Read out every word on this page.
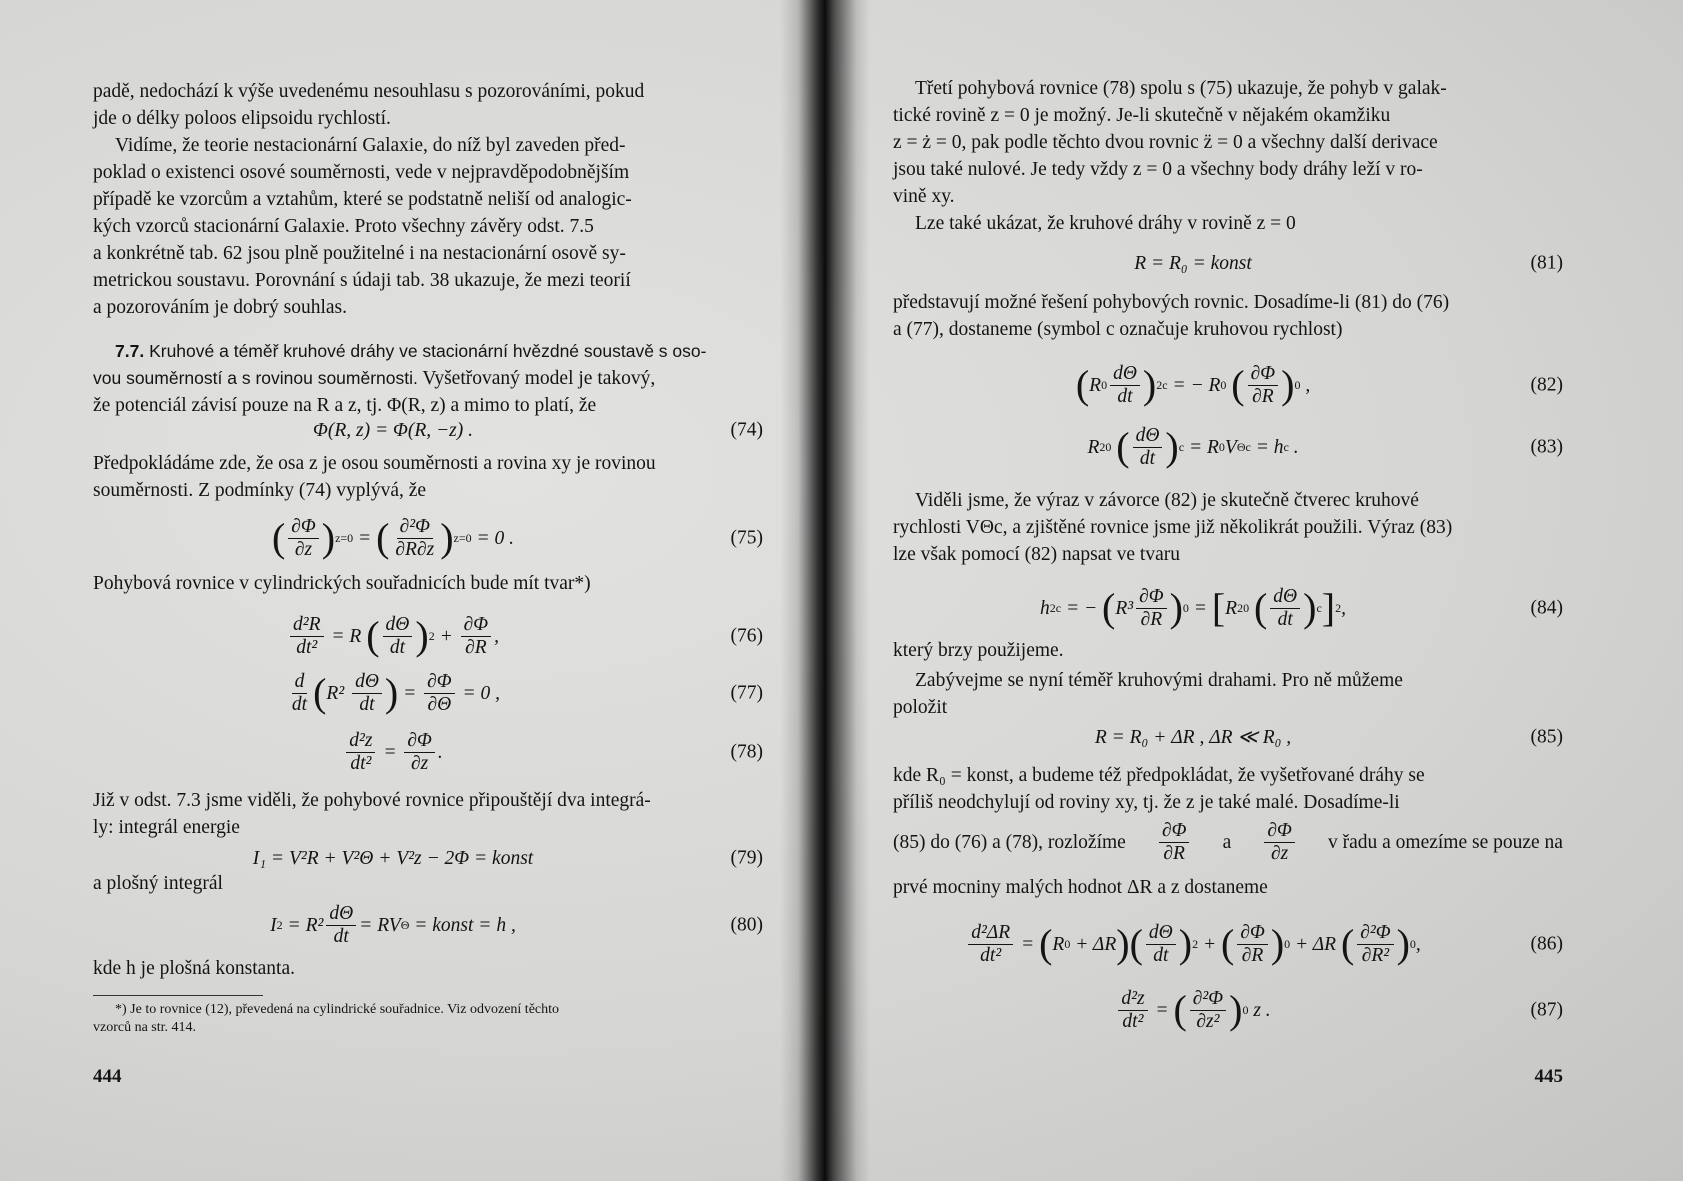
padě, nedochází k výše uvedenému nesouhlasu s pozorováními, pokud
jde o délky poloos elipsoidu rychlostí.
Vidíme, že teorie nestacionární Galaxie, do níž byl zaveden před-
poklad o existenci osové souměrnosti, vede v nejpravděpodobnějším
případě ke vzorcům a vztahům, které se podstatně neliší od analogic-
kých vzorců stacionární Galaxie. Proto všechny závěry odst. 7.5
a konkrétně tab. 62 jsou plně použitelné i na nestacionární osově sy-
metrickou soustavu. Porovnání s údaji tab. 38 ukazuje, že mezi teorií
a pozorováním je dobrý souhlas.
7.7. Kruhové a téměř kruhové dráhy ve stacionární hvězdné soustavě s oso-
vou souměrností a s rovinou souměrnosti. Vyšetřovaný model je takový,
že potenciál závisí pouze na R a z, tj. Φ(R, z) a mimo to platí, že
Φ(R, z) = Φ(R, −z) .	(74)
Předpokládáme zde, že osa z je osou souměrnosti a rovina xy je rovinou
souměrnosti. Z podmínky (74) vyplývá, že
( $\frac{\partial\Phi}{\partial z}$ ) z=0 = ( $\frac{\text{∂²Φ}}{\partial R\partial z}$ ) z=0 = 0 .	(75)
Pohybová rovnice v cylindrických souřadnicích bude mít tvar*)
$\frac{\text{d²R}}{\text{dt²}} = R$ ( $\frac{d\Theta}{dt}$ ) $2 + \frac{\partial\Phi}{\partial R}$ ,	(76)
$\frac{d}{dt}$ ( $R^2 \frac{d\Theta}{dt}$ ) = $\frac{\partial\Phi}{\partial\Theta} = 0$ ,	(77)
$\frac{\text{d²z}}{\text{dt²}} = \frac{\partial\Phi}{\partial z}$ .	(78)
Již v odst. 7.3 jsme viděli, že pohybové rovnice připouštějí dva integrá-
ly: integrál energie
I₁ = V²R + V²Θ + V²z − 2Φ = konst	(79)
a plošný integrál
I $2 = R^2 \frac{d\Theta}{dt}$ = RV Θ = konst = h ,	(80)
kde h je plošná konstanta.
*) Je to rovnice (12), převedená na cylindrické souřadnice. Viz odvození těchto
vzorců na str. 414.
444
Třetí pohybová rovnice (78) spolu s (75) ukazuje, že pohyb v galak-
tické rovině z = 0 je možný. Je-li skutečně v nějakém okamžiku
z = ż = 0, pak podle těchto dvou rovnic z̈ = 0 a všechny další derivace
jsou také nulové. Je tedy vždy z = 0 a všechny body dráhy leží v ro-
vině xy.
Lze také ukázat, že kruhové dráhy v rovině z = 0
R = R₀ = konst	(81)
představují možné řešení pohybových rovnic. Dosadíme-li (81) do (76)
a (77), dostaneme (symbol c označuje kruhovou rychlost)
( R $0 \frac{d\Theta}{dt}$ ) 2 c = − R 0
( $\frac{\partial\Phi}{\partial R}$ ) 0 ,	(82)
R 2 0
( $\frac{d\Theta}{dt}$ ) c = R 0 V Θc = h c .	(83)
Viděli jsme, že výraz v závorce (82) je skutečně čtverec kruhové
rychlosti VΘc, a zjištěné rovnice jsme již několikrát použili. Výraz (83)
lze však pomocí (82) napsat ve tvaru
h 2 c = − ( $R^3 \frac{\partial\Phi}{\partial R}$ ) 0 = [ R 2 0
( $\frac{d\Theta}{dt}$ ) c ] 2 ,	(84)
který brzy použijeme.
Zabývejme se nyní téměř kruhovými drahami. Pro ně můžeme
položit
R = R₀ + ΔR , ΔR ≪ R₀ ,	(85)
kde R₀ = konst, a budeme též předpokládat, že vyšetřované dráhy se
příliš neodchylují od roviny xy, tj. že z je také malé. Dosadíme-li
(85) do (76) a (78), rozložíme $\frac{\partial\Phi}{\partial R}$ a $\frac{\partial\Phi}{\partial z}$ v řadu a omezíme se pouze na
prvé mocniny malých hodnot ΔR a z dostaneme
$\frac{\text{d²ΔR}}{\text{dt²}}$ = ( R 0 + ΔR ) ( $\frac{d\Theta}{dt}$ ) 2 + ( $\frac{\partial\Phi}{\partial R}$ ) 0 + ΔR ( $\frac{\text{∂²Φ}}{\text{∂R²}}$ ) 0 ,	(86)
$\frac{\text{d²z}}{\text{dt²}}$ = ( $\frac{\text{∂²Φ}}{\text{∂z²}}$ ) 0 z .	(87)
445
